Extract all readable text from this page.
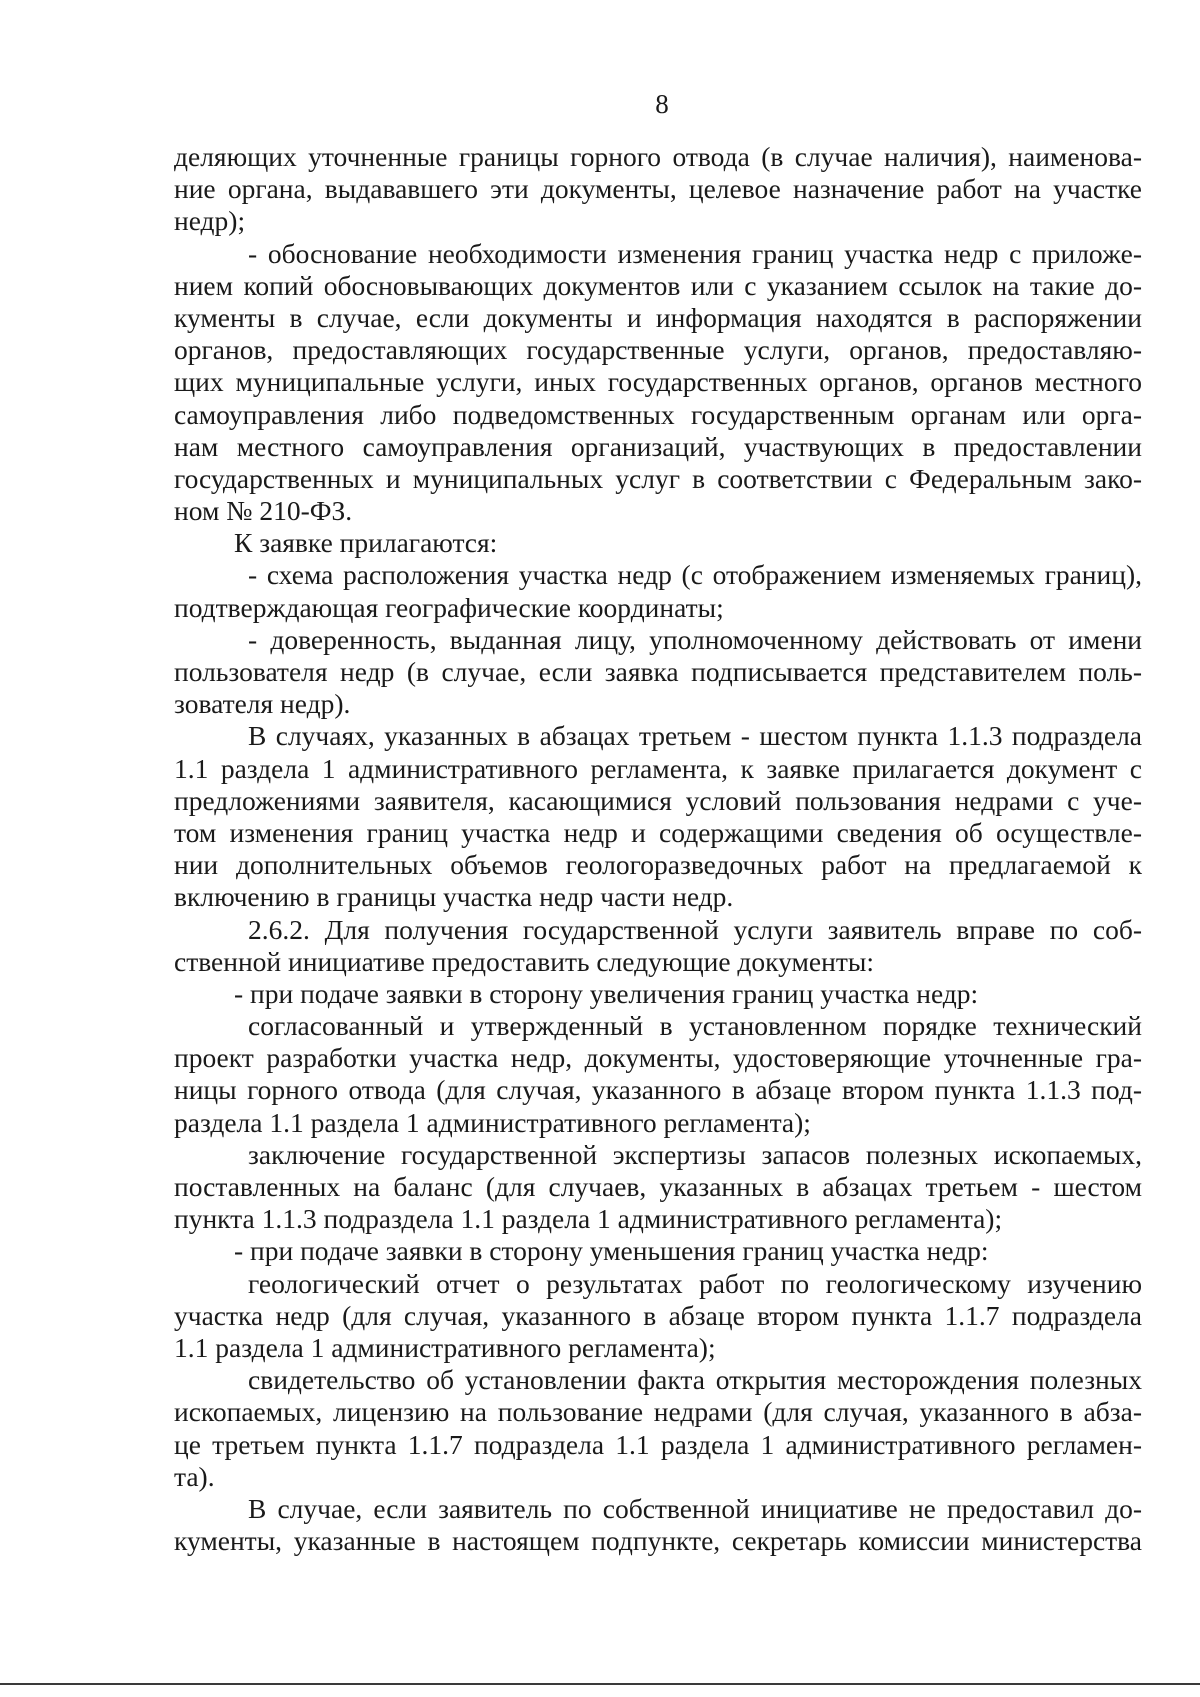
8
деляющих уточненные границы горного отвода (в случае наличия), наименова-
ние органа, выдававшего эти документы, целевое назначение работ на участке
недр);
- обоснование необходимости изменения границ участка недр с приложе-
нием копий обосновывающих документов или с указанием ссылок на такие до-
кументы в случае, если документы и информация находятся в распоряжении
органов, предоставляющих государственные услуги, органов, предоставляю-
щих муниципальные услуги, иных государственных органов, органов местного
самоуправления либо подведомственных государственным органам или орга-
нам местного самоуправления организаций, участвующих в предоставлении
государственных и муниципальных услуг в соответствии с Федеральным зако-
ном № 210-ФЗ.
К заявке прилагаются:
- схема расположения участка недр (с отображением изменяемых границ),
подтверждающая географические координаты;
- доверенность, выданная лицу, уполномоченному действовать от имени
пользователя недр (в случае, если заявка подписывается представителем поль-
зователя недр).
В случаях, указанных в абзацах третьем - шестом пункта 1.1.3 подраздела
1.1 раздела 1 административного регламента, к заявке прилагается документ с
предложениями заявителя, касающимися условий пользования недрами с уче-
том изменения границ участка недр и содержащими сведения об осуществле-
нии дополнительных объемов геологоразведочных работ на предлагаемой к
включению в границы участка недр части недр.
2.6.2. Для получения государственной услуги заявитель вправе по соб-
ственной инициативе предоставить следующие документы:
- при подаче заявки в сторону увеличения границ участка недр:
согласованный и утвержденный в установленном порядке технический
проект разработки участка недр, документы, удостоверяющие уточненные гра-
ницы горного отвода (для случая, указанного в абзаце втором пункта 1.1.3 под-
раздела 1.1 раздела 1 административного регламента);
заключение государственной экспертизы запасов полезных ископаемых,
поставленных на баланс (для случаев, указанных в абзацах третьем - шестом
пункта 1.1.3 подраздела 1.1 раздела 1 административного регламента);
- при подаче заявки в сторону уменьшения границ участка недр:
геологический отчет о результатах работ по геологическому изучению
участка недр (для случая, указанного в абзаце втором пункта 1.1.7 подраздела
1.1 раздела 1 административного регламента);
свидетельство об установлении факта открытия месторождения полезных
ископаемых, лицензию на пользование недрами (для случая, указанного в абза-
це третьем пункта 1.1.7 подраздела 1.1 раздела 1 административного регламен-
та).
В случае, если заявитель по собственной инициативе не предоставил до-
кументы, указанные в настоящем подпункте, секретарь комиссии министерства
